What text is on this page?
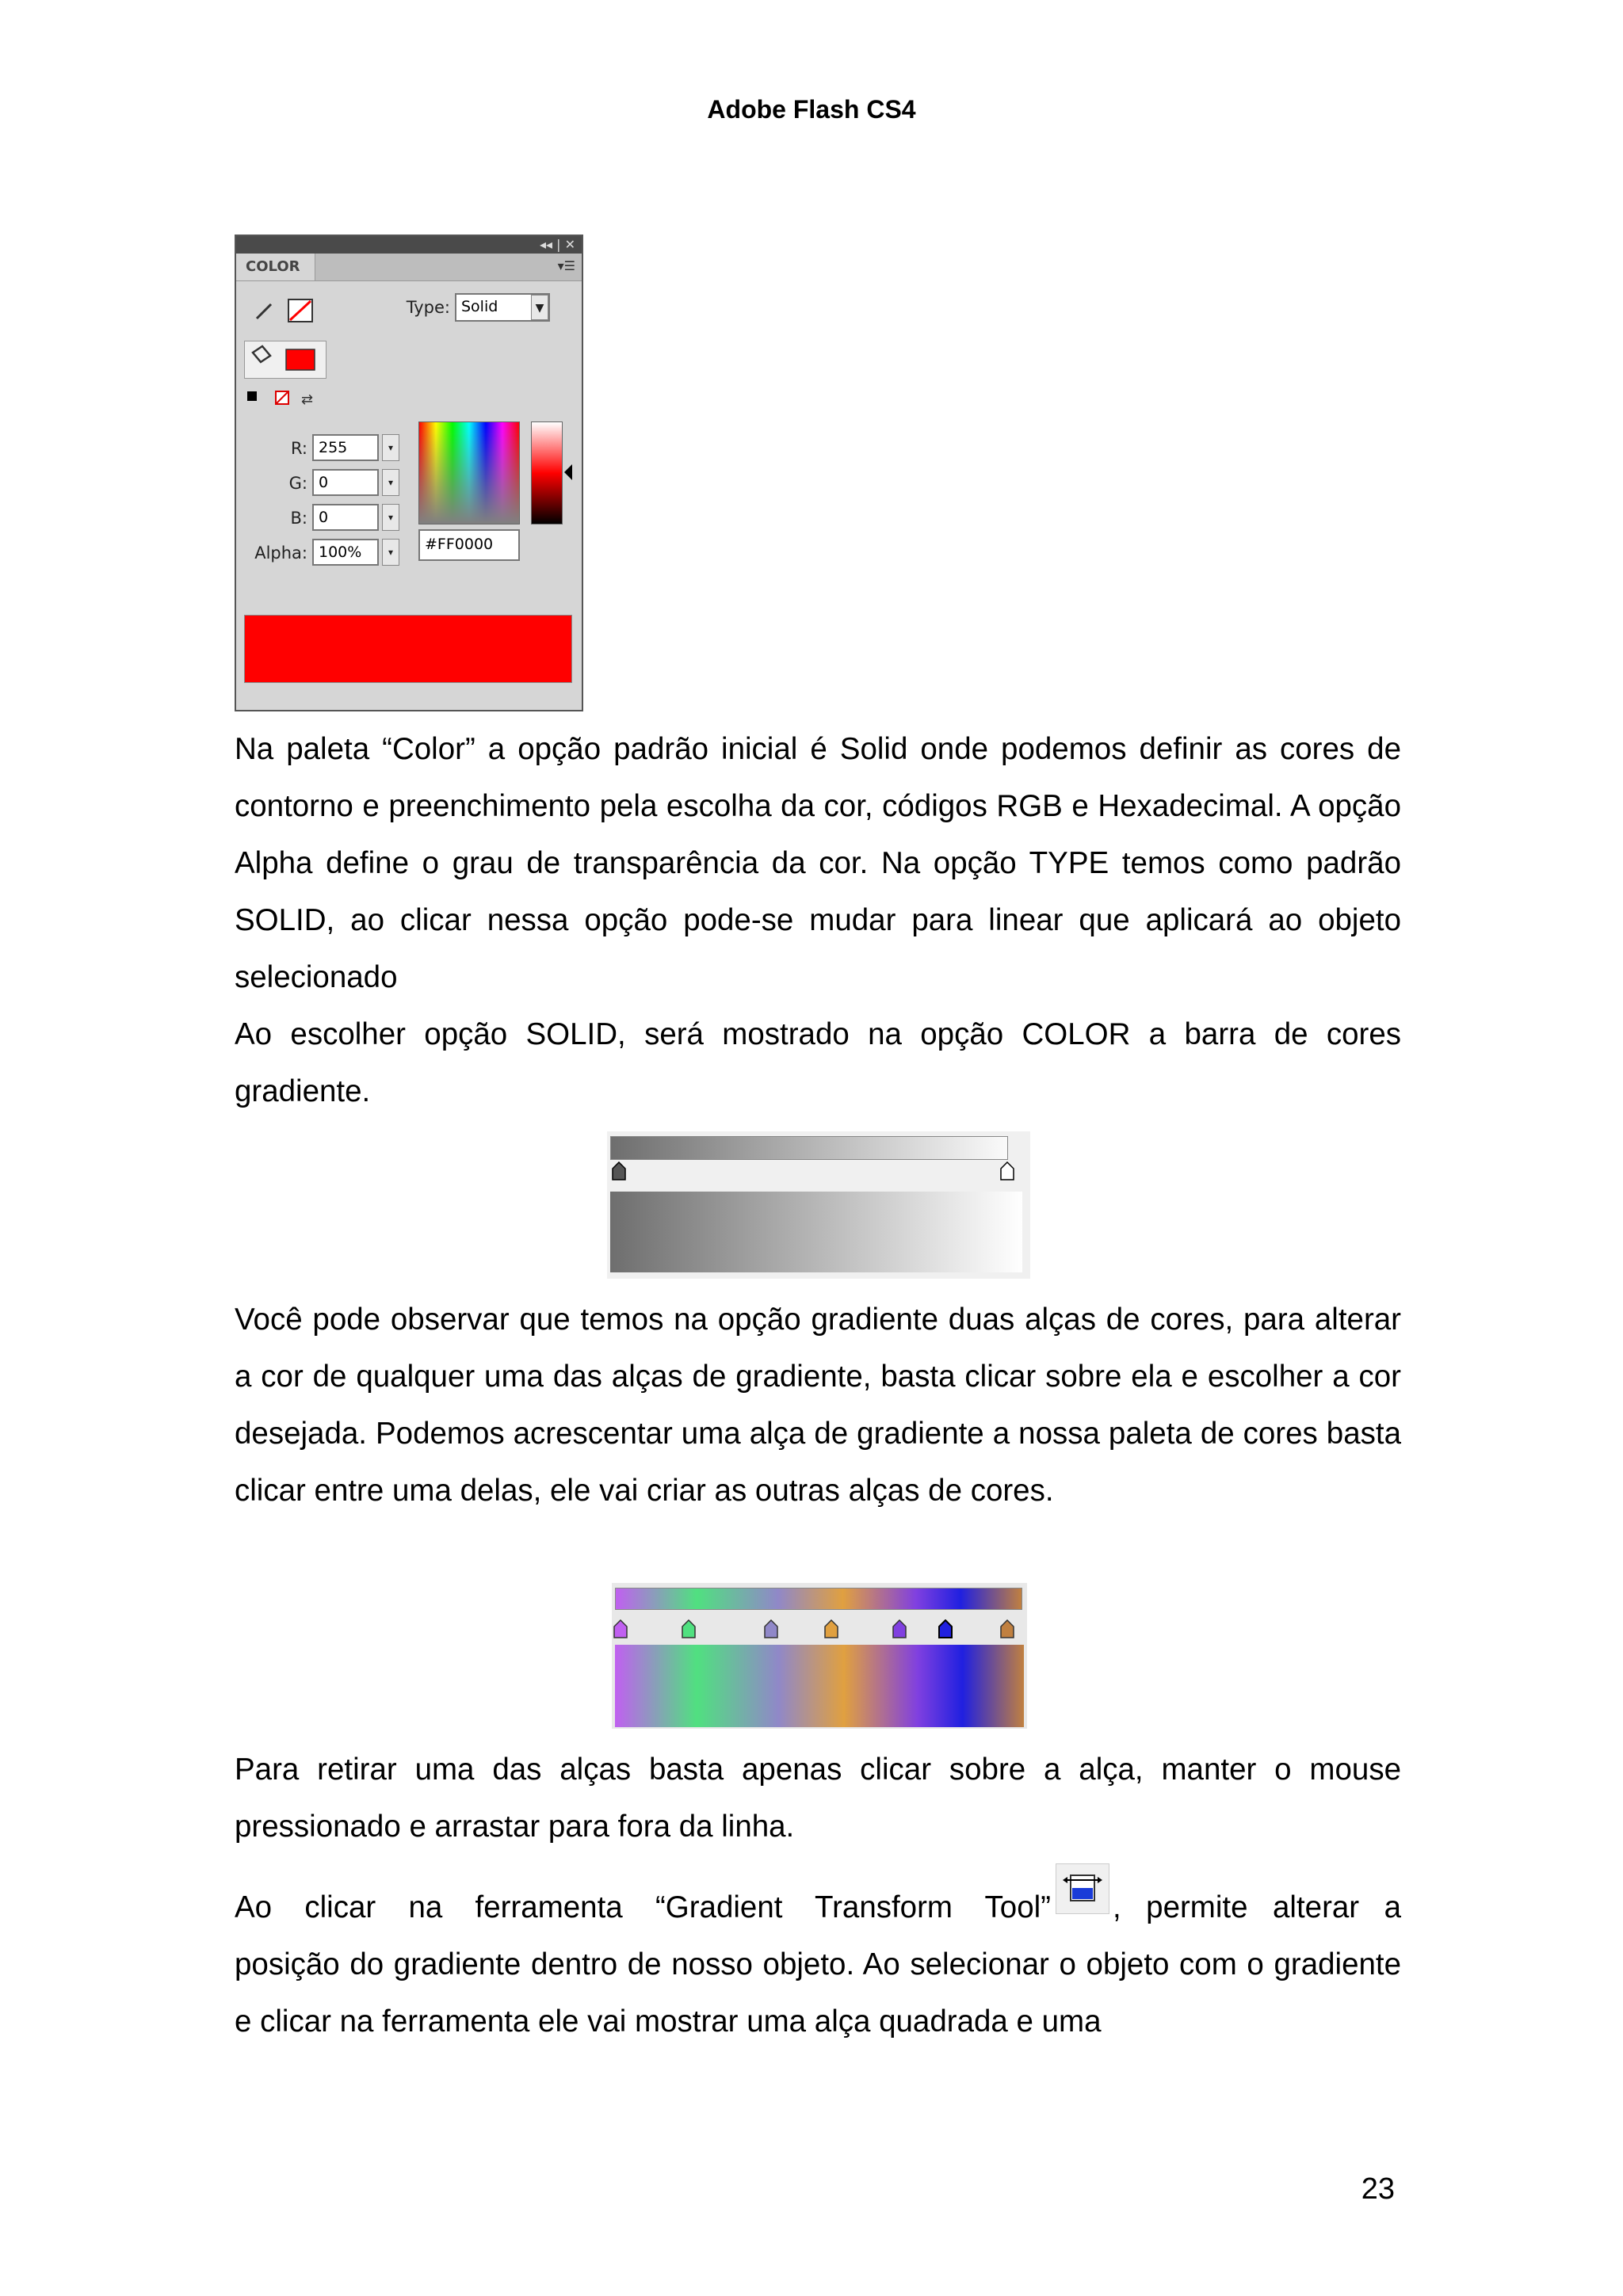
Adobe Flash CS4
◂◂ | ✕
COLOR	▾☰
Type: Solid	▼
⇄
R: 255	▾
G: 0	▾
B: 0	▾
Alpha: 100%	▾	#FF0000

Na paleta “Color” a opção padrão inicial é Solid onde podemos definir as cores de contorno e preenchimento pela escolha da cor, códigos RGB e Hexadecimal. A opção Alpha define o grau de transparência da cor. Na opção TYPE temos como padrão SOLID, ao clicar nessa opção pode-se mudar para linear que aplicará ao objeto selecionado

Ao escolher opção SOLID, será mostrado na opção COLOR a barra de cores gradiente.

Você pode observar que temos na opção gradiente duas alças de cores, para alterar a cor de qualquer uma das alças de gradiente, basta clicar sobre ela e escolher a cor desejada. Podemos acrescentar uma alça de gradiente a nossa paleta de cores basta clicar entre uma delas, ele vai criar as outras alças de cores.

Para retirar uma das alças basta apenas clicar sobre a alça, manter o mouse pressionado e arrastar para fora da linha.

Ao clicar na ferramenta “Gradient Transform Tool”	, permite alterar a posição do gradiente dentro de nosso objeto. Ao selecionar o objeto com o gradiente e clicar na ferramenta ele vai mostrar uma alça quadrada e uma

23
